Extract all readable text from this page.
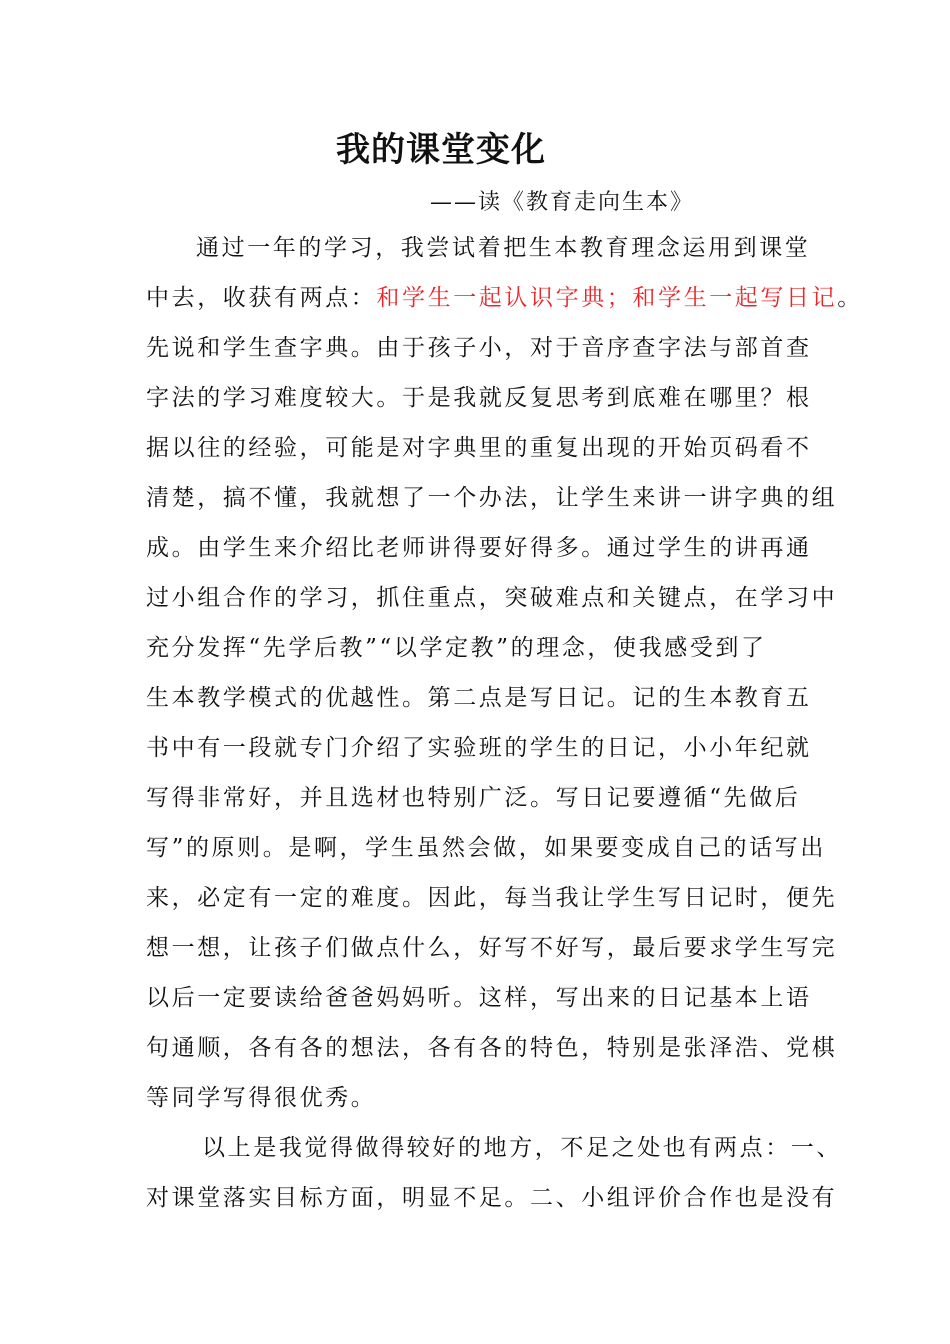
我的课堂变化

——读《教育走向生本》

通过一年的学习，我尝试着把生本教育理念运用到课堂

中去，收获有两点：和学生一起认识字典；和学生一起写日记。

先说和学生查字典。由于孩子小，对于音序查字法与部首查

字法的学习难度较大。于是我就反复思考到底难在哪里？根

据以往的经验，可能是对字典里的重复出现的开始页码看不

清楚，搞不懂，我就想了一个办法，让学生来讲一讲字典的组

成。由学生来介绍比老师讲得要好得多。通过学生的讲再通

过小组合作的学习，抓住重点，突破难点和关键点，在学习中

充分发挥“先学后教”“以学定教”的理念，使我感受到了

生本教学模式的优越性。第二点是写日记。记的生本教育五

书中有一段就专门介绍了实验班的学生的日记，小小年纪就

写得非常好，并且选材也特别广泛。写日记要遵循“先做后

写”的原则。是啊，学生虽然会做，如果要变成自己的话写出

来，必定有一定的难度。因此，每当我让学生写日记时，便先

想一想，让孩子们做点什么，好写不好写，最后要求学生写完

以后一定要读给爸爸妈妈听。这样，写出来的日记基本上语

句通顺，各有各的想法，各有各的特色，特别是张泽浩、党棋

等同学写得很优秀。

以上是我觉得做得较好的地方，不足之处也有两点：一、

对课堂落实目标方面，明显不足。二、小组评价合作也是没有
